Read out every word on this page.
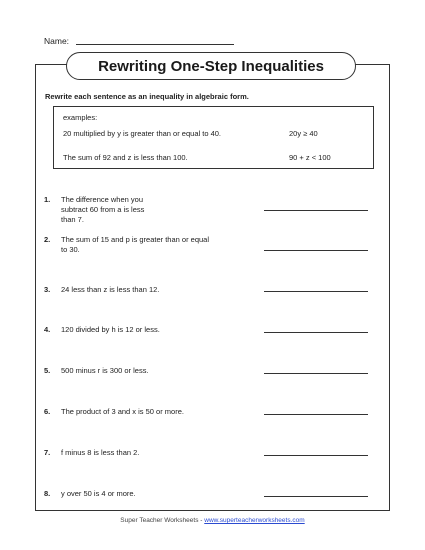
Name:
Rewriting One-Step Inequalities
Rewrite each sentence as an inequality in algebraic form.
examples:
20 multiplied by y is greater than or equal to 40.	20y ≥ 40
The sum of 92 and z is less than 100.	90 + z < 100
1. The difference when you subtract 60 from a is less than 7.
2. The sum of 15 and p is greater than or equal to 30.
3. 24 less than z is less than 12.
4. 120 divided by h is 12 or less.
5. 500 minus r is 300 or less.
6. The product of 3 and x is 50 or more.
7. f minus 8 is less than 2.
8. y over 50 is 4 or more.
Super Teacher Worksheets - www.superteacherworksheets.com
